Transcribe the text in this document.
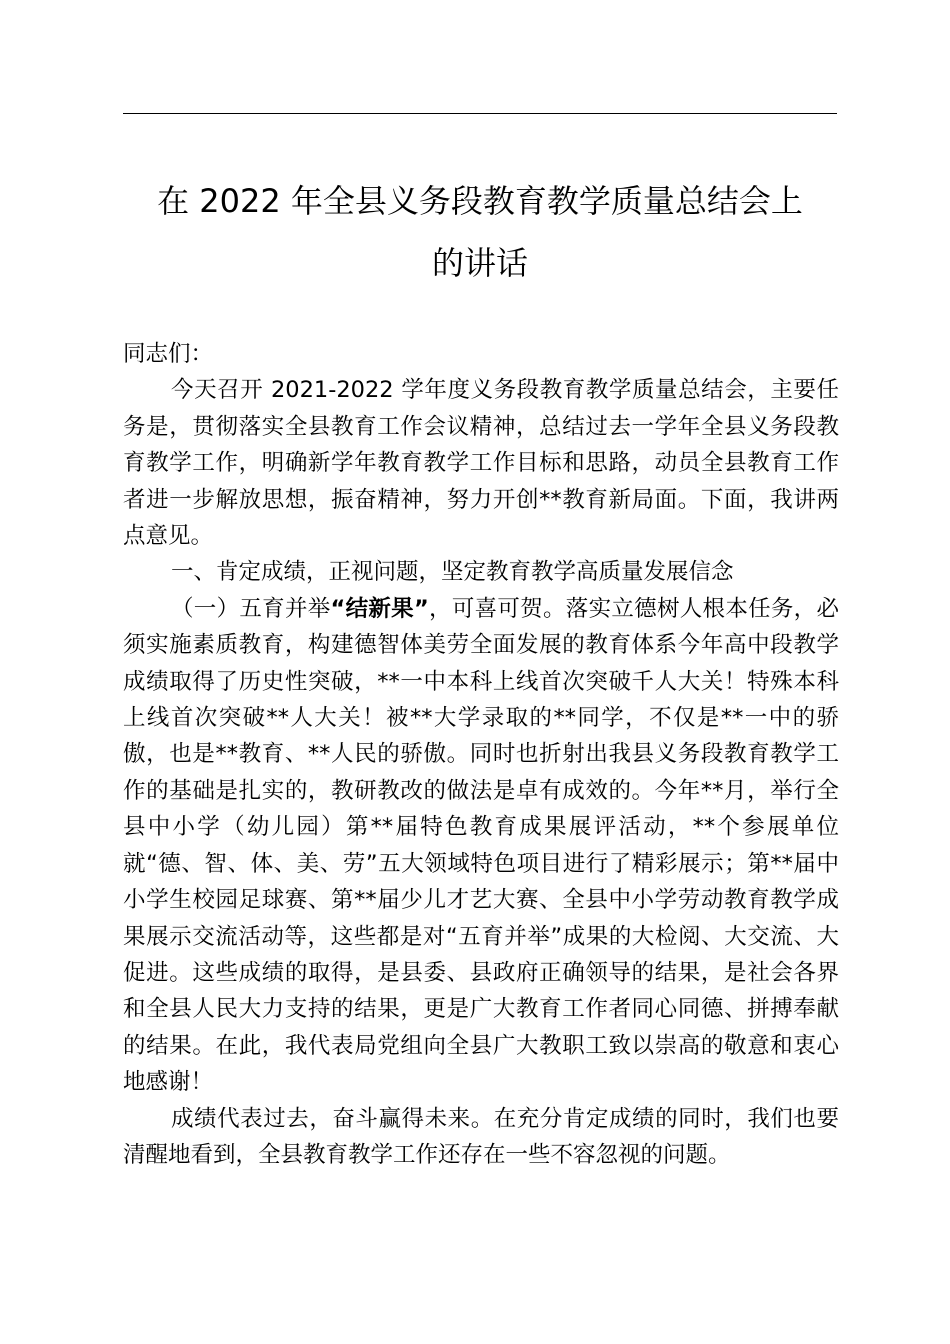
在 2022 年全县义务段教育教学质量总结会上
的讲话

同志们：

今天召开 2021-2022 学年度义务段教育教学质量总结会，主要任务是，贯彻落实全县教育工作会议精神，总结过去一学年全县义务段教育教学工作，明确新学年教育教学工作目标和思路，动员全县教育工作者进一步解放思想，振奋精神，努力开创**教育新局面。下面，我讲两点意见。

一、肯定成绩，正视问题，坚定教育教学高质量发展信念

（一）五育并举“结新果”，可喜可贺。落实立德树人根本任务，必须实施素质教育，构建德智体美劳全面发展的教育体系今年高中段教学成绩取得了历史性突破，**一中本科上线首次突破千人大关！特殊本科上线首次突破**人大关！被**大学录取的**同学，不仅是**一中的骄傲，也是**教育、**人民的骄傲。同时也折射出我县义务段教育教学工作的基础是扎实的，教研教改的做法是卓有成效的。今年**月，举行全县中小学（幼儿园）第**届特色教育成果展评活动，**个参展单位就“德、智、体、美、劳”五大领域特色项目进行了精彩展示；第**届中小学生校园足球赛、第**届少儿才艺大赛、全县中小学劳动教育教学成果展示交流活动等，这些都是对“五育并举”成果的大检阅、大交流、大促进。这些成绩的取得，是县委、县政府正确领导的结果，是社会各界和全县人民大力支持的结果，更是广大教育工作者同心同德、拼搏奉献的结果。在此，我代表局党组向全县广大教职工致以崇高的敬意和衷心地感谢！

成绩代表过去，奋斗赢得未来。在充分肯定成绩的同时，我们也要清醒地看到，全县教育教学工作还存在一些不容忽视的问题。
